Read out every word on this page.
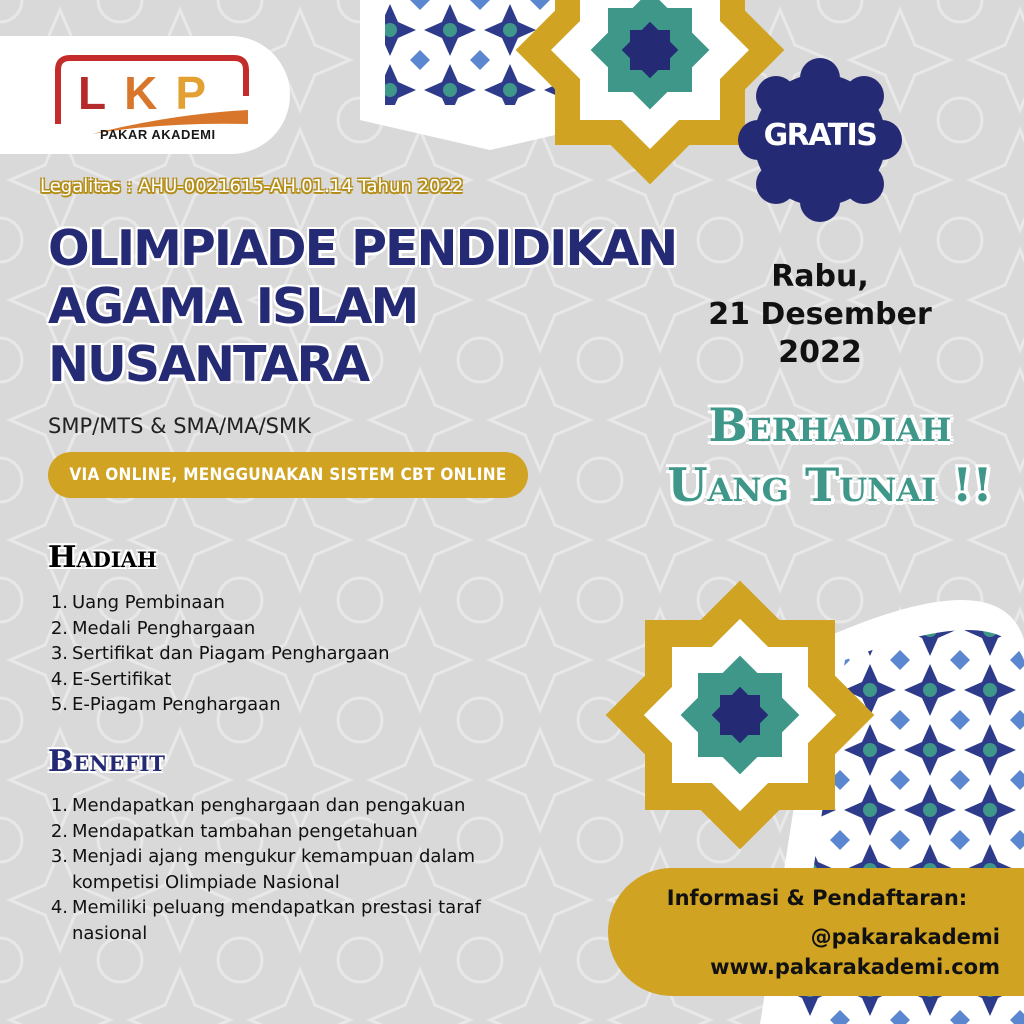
LKP
PAKAR AKADEMI
Legalitas : AHU-0021615-AH.01.14 Tahun 2022
OLIMPIADE PENDIDIKAN
AGAMA ISLAM
NUSANTARA
SMP/MTS & SMA/MA/SMK
VIA ONLINE, MENGGUNAKAN SISTEM CBT ONLINE
GRATIS
Rabu,
21 Desember
2022
Berhadiah
Uang Tunai !!
Hadiah
1. Uang Pembinaan
2. Medali Penghargaan
3. Sertifikat dan Piagam Penghargaan
4. E-Sertifikat
5. E-Piagam Penghargaan
Benefit
1. Mendapatkan penghargaan dan pengakuan
2. Mendapatkan tambahan pengetahuan
3. Menjadi ajang mengukur kemampuan dalam kompetisi Olimpiade Nasional
4. Memiliki peluang mendapatkan prestasi taraf nasional
Informasi & Pendaftaran:
@pakarakademi
www.pakarakademi.com
